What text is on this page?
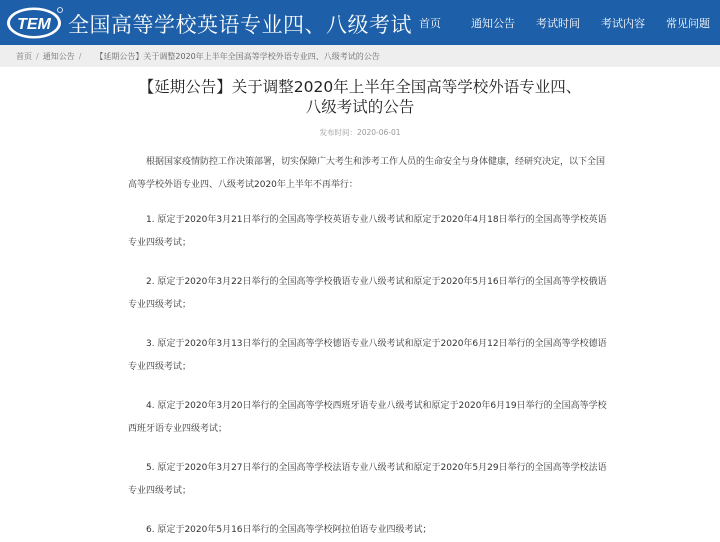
TEM 全国高等学校英语专业四、八级考试 首页	通知公告 考试时间 考试内容 常见问题
首页 / 通知公告 / 【延期公告】关于调整2020年上半年全国高等学校外语专业四、八级考试的公告
【延期公告】关于调整2020年上半年全国高等学校外语专业四、
八级考试的公告
发布时间：2020-06-01
根据国家疫情防控工作决策部署，切实保障广大考生和涉考工作人员的生命安全与身体健康，经研究决定，以下全国高等学校外语专业四、八级考试2020年上半年不再举行：
1. 原定于2020年3月21日举行的全国高等学校英语专业八级考试和原定于2020年4月18日举行的全国高等学校英语专业四级考试；
2. 原定于2020年3月22日举行的全国高等学校俄语专业八级考试和原定于2020年5月16日举行的全国高等学校俄语专业四级考试；
3. 原定于2020年3月13日举行的全国高等学校德语专业八级考试和原定于2020年6月12日举行的全国高等学校德语专业四级考试；
4. 原定于2020年3月20日举行的全国高等学校西班牙语专业八级考试和原定于2020年6月19日举行的全国高等学校西班牙语专业四级考试；
5. 原定于2020年3月27日举行的全国高等学校法语专业八级考试和原定于2020年5月29日举行的全国高等学校法语专业四级考试；
6. 原定于2020年5月16日举行的全国高等学校阿拉伯语专业四级考试；
